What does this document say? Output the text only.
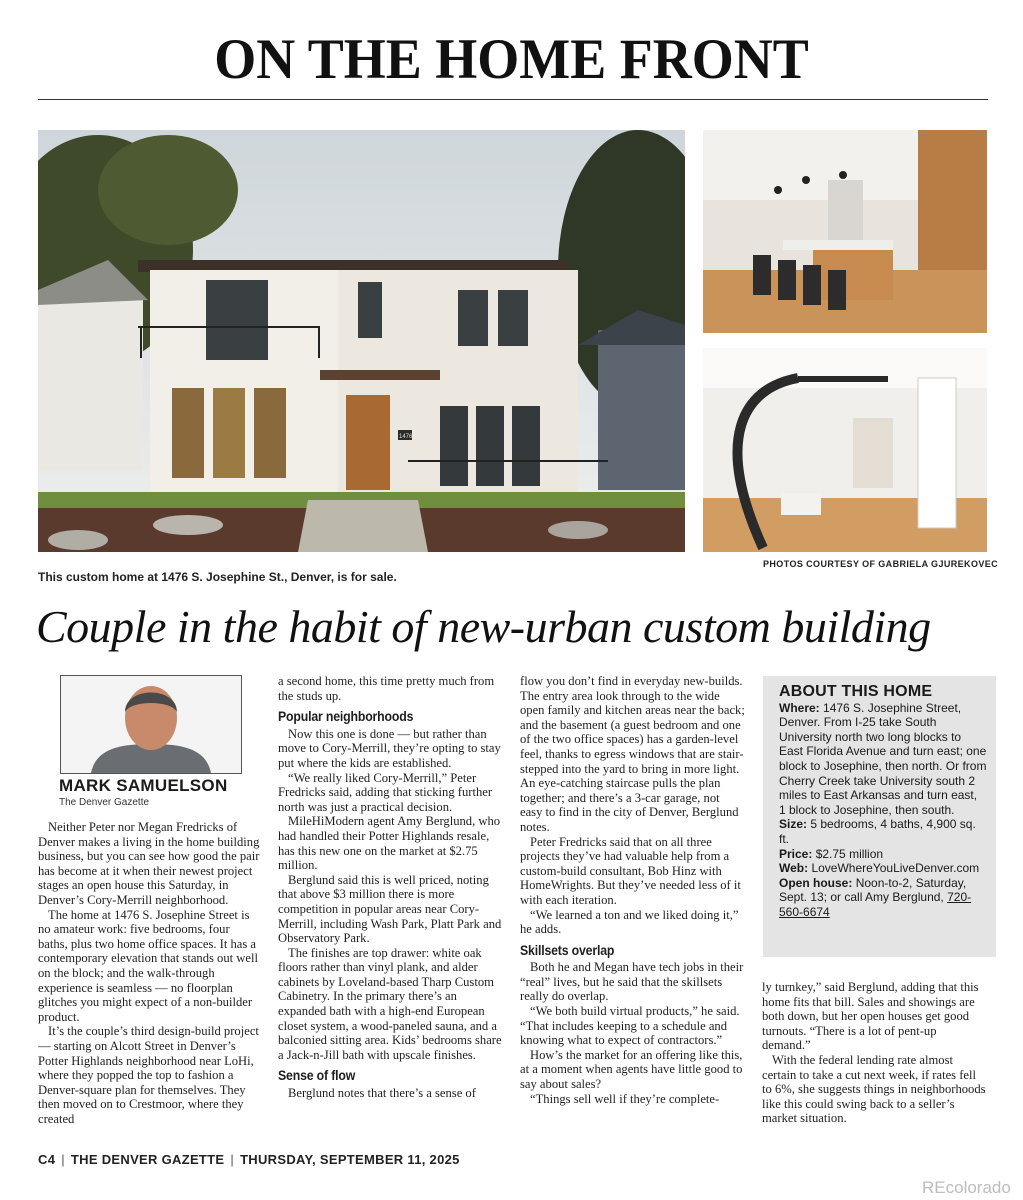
ON THE HOME FRONT
1476
This custom home at 1476 S. Josephine St., Denver, is for sale.
PHOTOS COURTESY OF GABRIELA GJUREKOVEC
Couple in the habit of new-urban custom building
MARK SAMUELSON
The Denver Gazette

Neither Peter nor Megan Fredricks of Denver makes a living in the home building business, but you can see how good the pair has become at it when their newest project stages an open house this Saturday, in Denver’s Cory-Merrill neighborhood.

The home at 1476 S. Josephine Street is no amateur work: five bedrooms, four baths, plus two home office spaces. It has a contemporary elevation that stands out well on the block; and the walk-through experience is seamless — no floorplan glitches you might expect of a non-builder product.

It’s the couple’s third design-build project — starting on Alcott Street in Denver’s Potter Highlands neighborhood near LoHi, where they popped the top to fashion a Denver-square plan for themselves. They then moved on to Crestmoor, where they created

a second home, this time pretty much from the studs up.

Popular neighborhoods

Now this one is done — but rather than move to Cory-Merrill, they’re opting to stay put where the kids are established.

“We really liked Cory-Merrill,” Peter Fredricks said, adding that sticking further north was just a practical decision.

MileHiModern agent Amy Berglund, who had handled their Potter Highlands resale, has this new one on the market at $2.75 million.

Berglund said this is well priced, noting that above $3 million there is more competition in popular areas near Cory-Merrill, including Wash Park, Platt Park and Observatory Park.

The finishes are top drawer: white oak floors rather than vinyl plank, and alder cabinets by Loveland-based Tharp Custom Cabinetry. In the primary there’s an expanded bath with a high-end European closet system, a wood-paneled sauna, and a balconied sitting area. Kids’ bedrooms share a Jack-n-Jill bath with upscale finishes.

Sense of flow

Berglund notes that there’s a sense of

flow you don’t find in everyday new-builds. The entry area look through to the wide open family and kitchen areas near the back; and the basement (a guest bedroom and one of the two office spaces) has a garden-level feel, thanks to egress windows that are stair-stepped into the yard to bring in more light. An eye-catching staircase pulls the plan together; and there’s a 3-car garage, not easy to find in the city of Denver, Berglund notes.

Peter Fredricks said that on all three projects they’ve had valuable help from a custom-build consultant, Bob Hinz with HomeWrights. But they’ve needed less of it with each iteration.

“We learned a ton and we liked doing it,” he adds.

Skillsets overlap

Both he and Megan have tech jobs in their “real” lives, but he said that the skillsets really do overlap.

“We both build virtual products,” he said. “That includes keeping to a schedule and knowing what to expect of contractors.”

How’s the market for an offering like this, at a moment when agents have little good to say about sales?

“Things sell well if they’re complete-

ABOUT THIS HOME
Where: 1476 S. Josephine Street, Denver. From I-25 take South University north two long blocks to East Florida Avenue and turn east; one block to Josephine, then north. Or from Cherry Creek take University south 2 miles to East Arkansas and turn east, 1 block to Josephine, then south.
Size: 5 bedrooms, 4 baths, 4,900 sq. ft.
Price: $2.75 million
Web: LoveWhereYouLiveDenver.com
Open house: Noon-to-2, Saturday, Sept. 13; or call Amy Berglund, 720-560-6674

ly turnkey,” said Berglund, adding that this home fits that bill. Sales and showings are both down, but her open houses get good turnouts. “There is a lot of pent-up demand.”

With the federal lending rate almost certain to take a cut next week, if rates fell to 6%, she suggests things in neighborhoods like this could swing back to a seller’s market situation.

C4 | THE DENVER GAZETTE | THURSDAY, SEPTEMBER 11, 2025
REcolorado
